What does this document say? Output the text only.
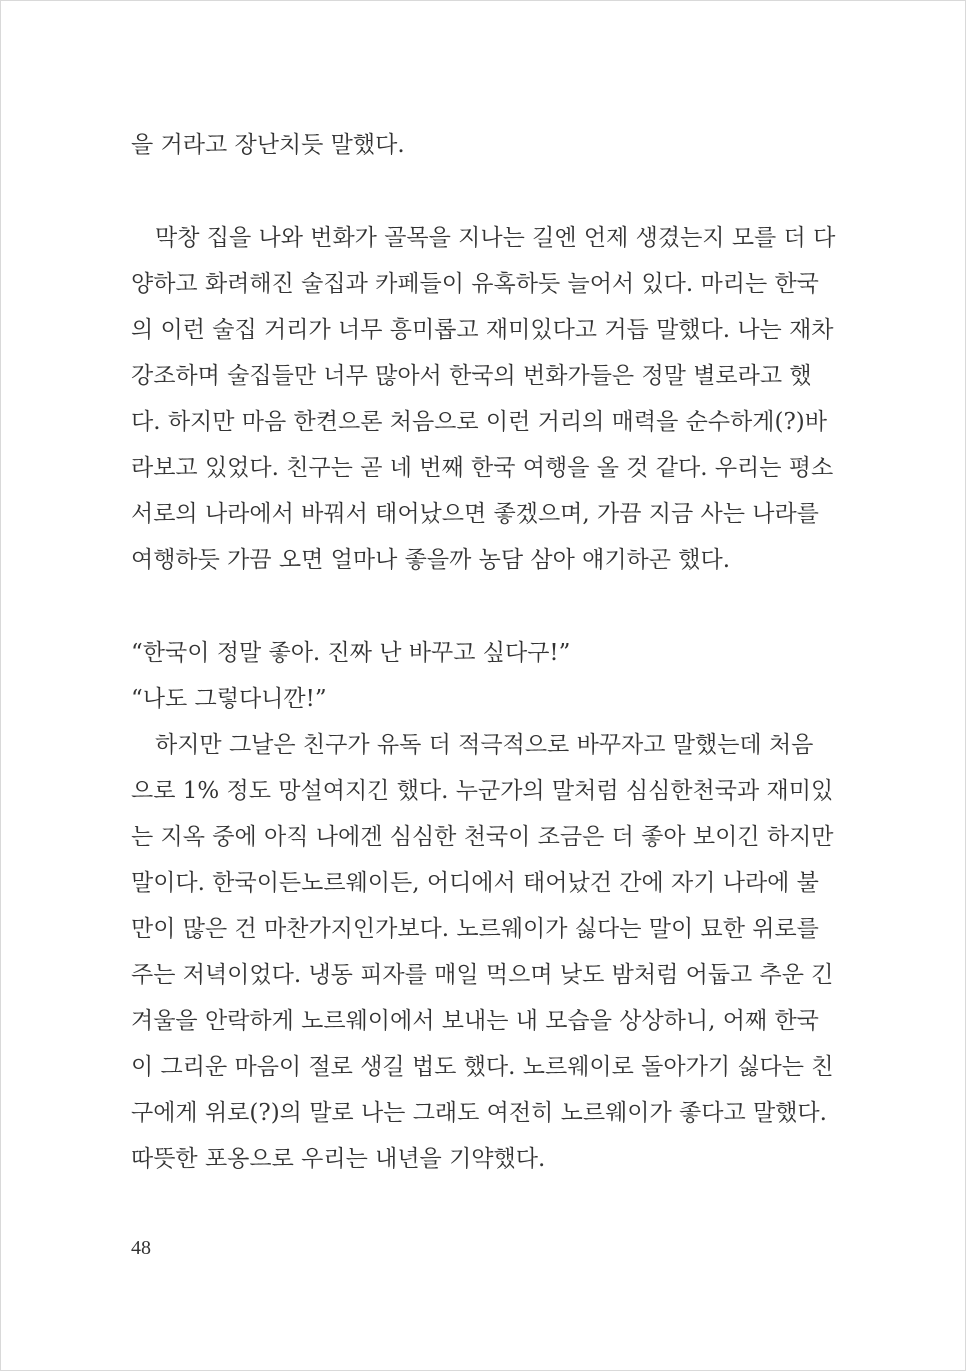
을 거라고 장난치듯 말했다.
막창 집을 나와 번화가 골목을 지나는 길엔 언제 생겼는지 모를 더 다
양하고 화려해진 술집과 카페들이 유혹하듯 늘어서 있다. 마리는 한국
의 이런 술집 거리가 너무 흥미롭고 재미있다고 거듭 말했다. 나는 재차
강조하며 술집들만 너무 많아서 한국의 번화가들은 정말 별로라고 했
다. 하지만 마음 한켠으론 처음으로 이런 거리의 매력을 순수하게(?)바
라보고 있었다. 친구는 곧 네 번째 한국 여행을 올 것 같다. 우리는 평소
서로의 나라에서 바꿔서 태어났으면 좋겠으며, 가끔 지금 사는 나라를
여행하듯 가끔 오면 얼마나 좋을까 농담 삼아 얘기하곤 했다.
“한국이 정말 좋아. 진짜 난 바꾸고 싶다구!”
“나도 그렇다니깐!”
하지만 그날은 친구가 유독 더 적극적으로 바꾸자고 말했는데 처음
으로 1% 정도 망설여지긴 했다. 누군가의 말처럼 심심한천국과 재미있
는 지옥 중에 아직 나에겐 심심한 천국이 조금은 더 좋아 보이긴 하지만
말이다. 한국이든노르웨이든, 어디에서 태어났건 간에 자기 나라에 불
만이 많은 건 마찬가지인가보다. 노르웨이가 싫다는 말이 묘한 위로를
주는 저녁이었다. 냉동 피자를 매일 먹으며 낮도 밤처럼 어둡고 추운 긴
겨울을 안락하게 노르웨이에서 보내는 내 모습을 상상하니, 어째 한국
이 그리운 마음이 절로 생길 법도 했다. 노르웨이로 돌아가기 싫다는 친
구에게 위로(?)의 말로 나는 그래도 여전히 노르웨이가 좋다고 말했다.
따뜻한 포옹으로 우리는 내년을 기약했다.
48
